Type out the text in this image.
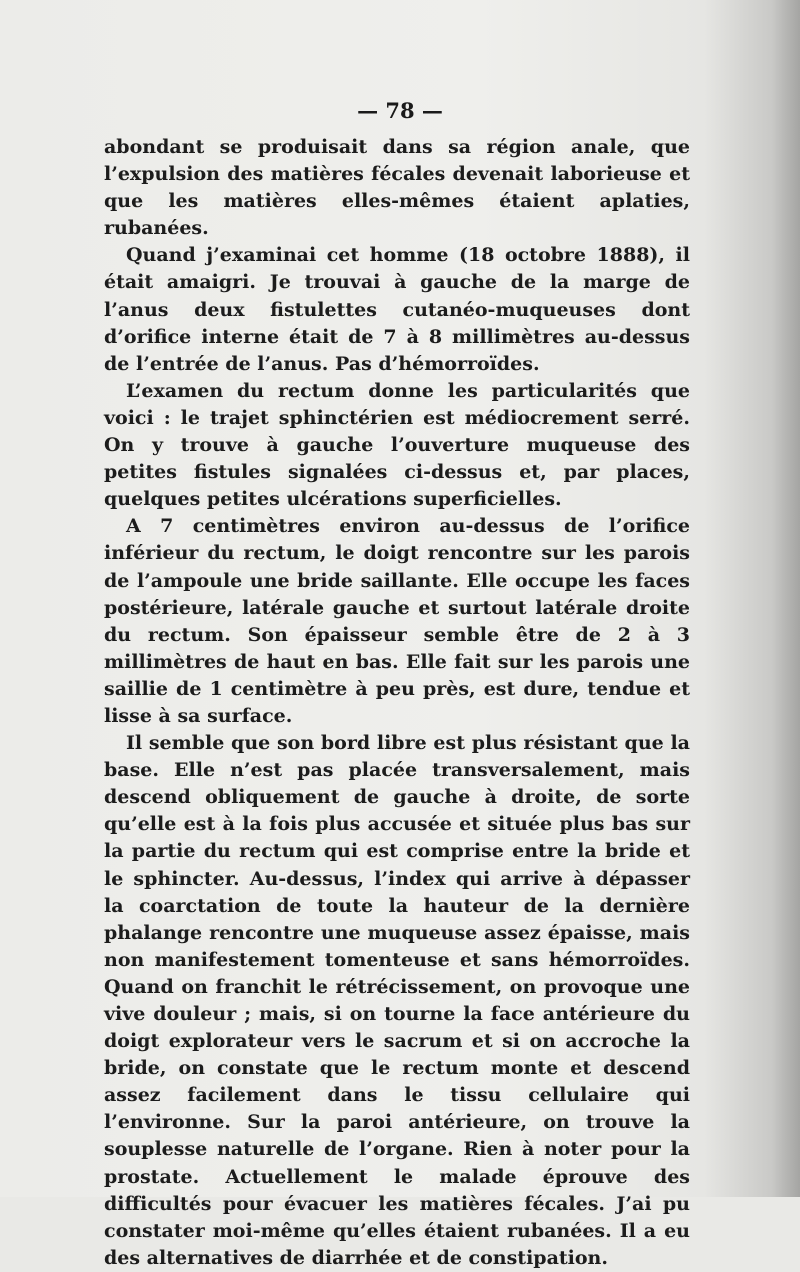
— 78 —

abondant se produisait dans sa région anale, que l’expulsion des matières fécales devenait laborieuse et que les matières elles-mêmes étaient aplaties, rubanées.

Quand j’examinai cet homme (18 octobre 1888), il était amaigri. Je trouvai à gauche de la marge de l’anus deux fistulettes cutanéo-muqueuses dont d’orifice interne était de 7 à 8 millimètres au-dessus de l’entrée de l’anus. Pas d’hémorroïdes.

L’examen du rectum donne les particularités que voici : le trajet sphinctérien est médiocrement serré. On y trouve à gauche l’ouverture muqueuse des petites fistules signalées ci-dessus et, par places, quelques petites ulcérations superficielles.

A 7 centimètres environ au-dessus de l’orifice inférieur du rectum, le doigt rencontre sur les parois de l’ampoule une bride saillante. Elle occupe les faces postérieure, latérale gauche et surtout latérale droite du rectum. Son épaisseur semble être de 2 à 3 millimètres de haut en bas. Elle fait sur les parois une saillie de 1 centimètre à peu près, est dure, tendue et lisse à sa surface.

Il semble que son bord libre est plus résistant que la base. Elle n’est pas placée transversalement, mais descend obliquement de gauche à droite, de sorte qu’elle est à la fois plus accusée et située plus bas sur la partie du rectum qui est comprise entre la bride et le sphincter. Au-dessus, l’index qui arrive à dépasser la coarctation de toute la hauteur de la dernière phalange rencontre une muqueuse assez épaisse, mais non manifestement tomenteuse et sans hémorroïdes. Quand on franchit le rétrécissement, on provoque une vive douleur ; mais, si on tourne la face antérieure du doigt explorateur vers le sacrum et si on accroche la bride, on constate que le rectum monte et descend assez facilement dans le tissu cellulaire qui l’environne. Sur la paroi antérieure, on trouve la souplesse naturelle de l’organe. Rien à noter pour la prostate. Actuellement le malade éprouve des difficultés pour évacuer les matières fécales. J’ai pu constater moi-même qu’elles étaient rubanées. Il a eu des alternatives de diarrhée et de constipation.
